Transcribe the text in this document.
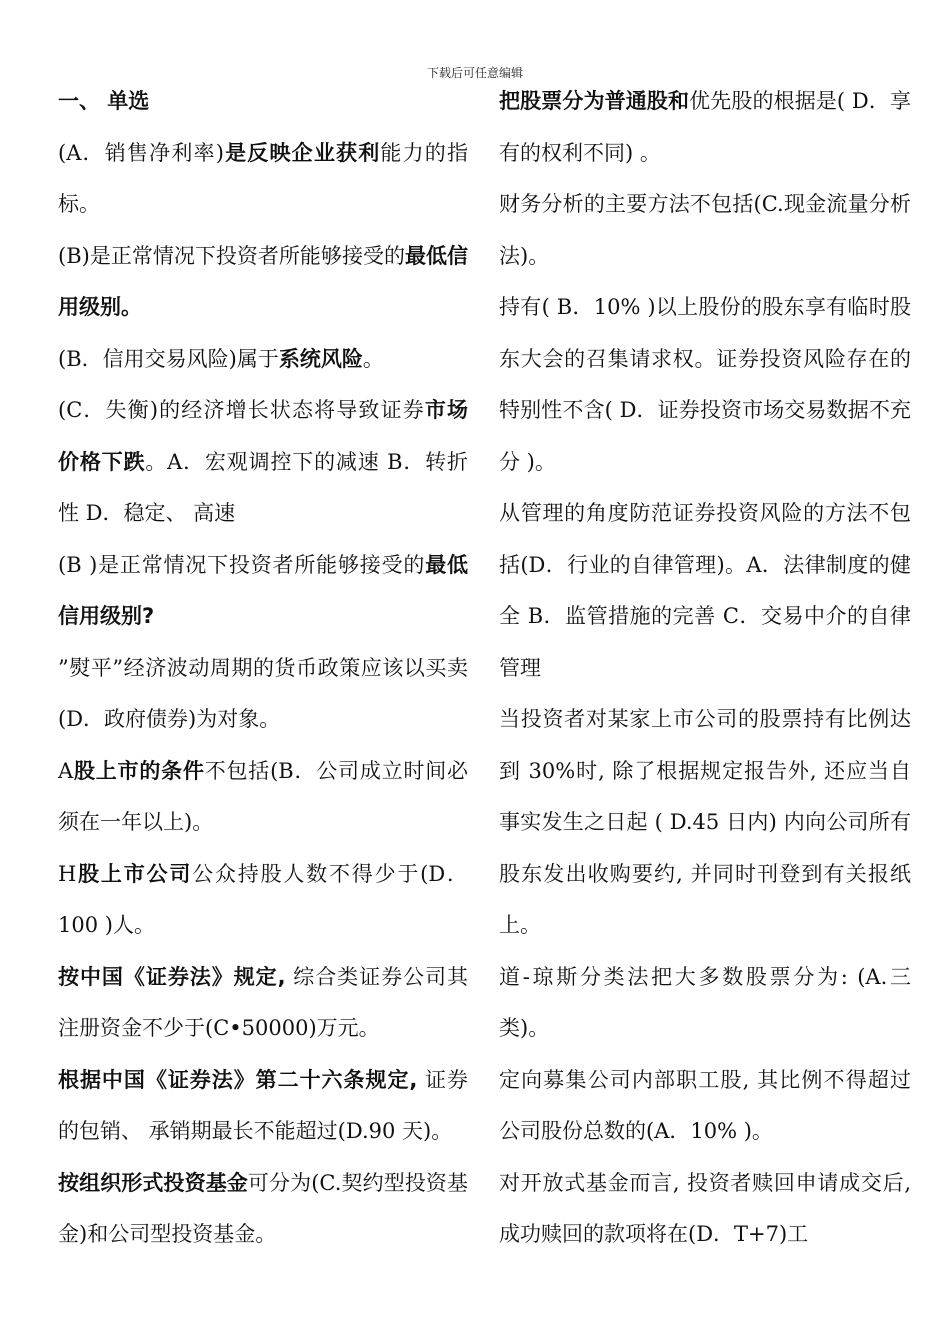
下载后可任意编辑

一、 单选

(A．销售净利率)是反映企业获利能力的指标。

(B)是正常情况下投资者所能够接受的最低信用级别。

(B．信用交易风险)属于系统风险。

(C．失衡)的经济增长状态将导致证券市场价格下跌。A．宏观调控下的减速 B．转折性 D．稳定、 高速

(B )是正常情况下投资者所能够接受的最低信用级别?

”熨平”经济波动周期的货币政策应该以买卖(D．政府债券)为对象。

A股上市的条件不包括(B．公司成立时间必须在一年以上)。

H股上市公司公众持股人数不得少于(D．100 )人。

按中国《证券法》规定, 综合类证券公司其注册资金不少于(C•50000)万元。

根据中国《证券法》第二十六条规定, 证券的包销、 承销期最长不能超过(D.90 天)。

按组织形式投资基金可分为(C.契约型投资基金)和公司型投资基金。

把股票分为普通股和优先股的根据是( D．享有的权利不同) 。

财务分析的主要方法不包括(C.现金流量分析法)。

持有( B．10% )以上股份的股东享有临时股东大会的召集请求权。证券投资风险存在的特别性不含( D．证券投资市场交易数据不充分 )。

从管理的角度防范证券投资风险的方法不包括(D．行业的自律管理)。A．法律制度的健全 B．监管措施的完善 C．交易中介的自律管理

当投资者对某家上市公司的股票持有比例达到 30%时, 除了根据规定报告外, 还应当自事实发生之日起 ( D.45 日内) 内向公司所有股东发出收购要约, 并同时刊登到有关报纸上。

道-琼斯分类法把大多数股票分为: (A.三类)。

定向募集公司内部职工股, 其比例不得超过公司股份总数的(A．10% )。

对开放式基金而言, 投资者赎回申请成交后, 成功赎回的款项将在(D．T+7)工
